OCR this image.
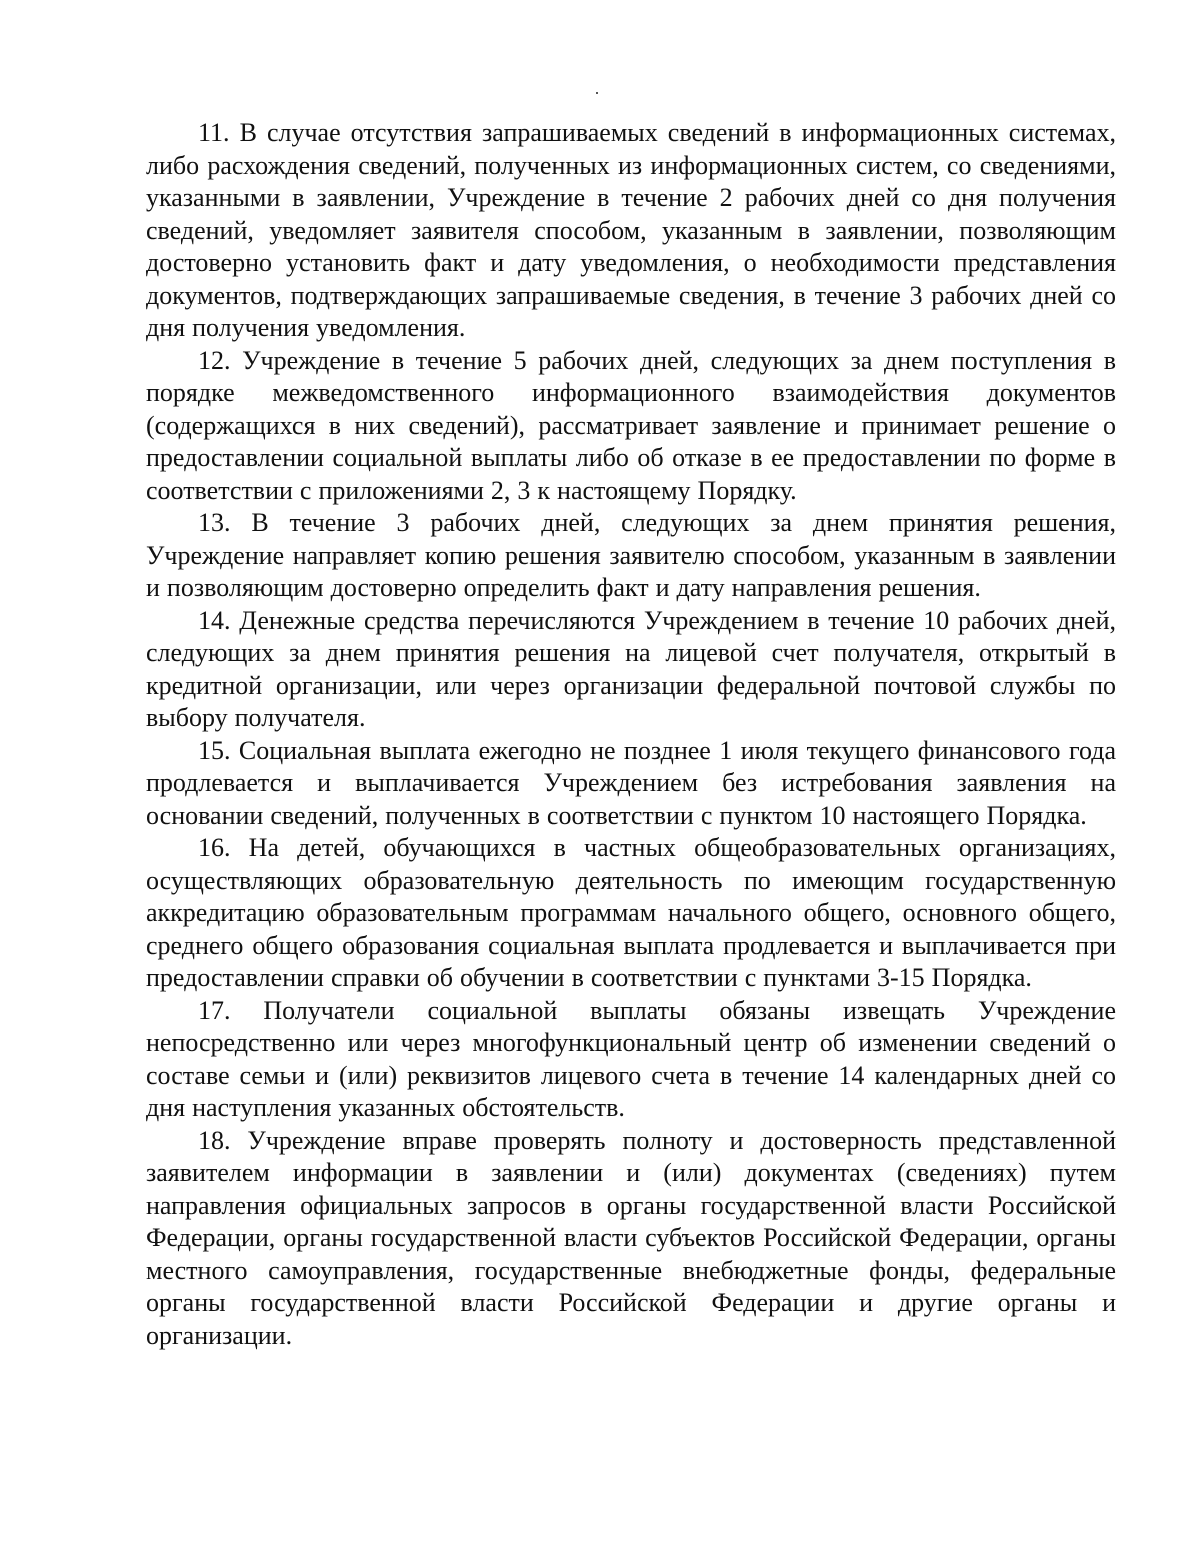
11. В случае отсутствия запрашиваемых сведений в информационных системах, либо расхождения сведений, полученных из информационных систем, со сведениями, указанными в заявлении, Учреждение в течение 2 рабочих дней со дня получения сведений, уведомляет заявителя способом, указанным в заявлении, позволяющим достоверно установить факт и дату уведомления, о необходимости представления документов, подтверждающих запрашиваемые сведения, в течение 3 рабочих дней со дня получения уведомления.

12. Учреждение в течение 5 рабочих дней, следующих за днем поступления в порядке межведомственного информационного взаимодействия документов (содержащихся в них сведений), рассматривает заявление и принимает решение о предоставлении социальной выплаты либо об отказе в ее предоставлении по форме в соответствии с приложениями 2, 3 к настоящему Порядку.

13. В течение 3 рабочих дней, следующих за днем принятия решения, Учреждение направляет копию решения заявителю способом, указанным в заявлении и позволяющим достоверно определить факт и дату направления решения.

14. Денежные средства перечисляются Учреждением в течение 10 рабочих дней, следующих за днем принятия решения на лицевой счет получателя, открытый в кредитной организации, или через организации федеральной почтовой службы по выбору получателя.

15. Социальная выплата ежегодно не позднее 1 июля текущего финансового года продлевается и выплачивается Учреждением без истребования заявления на основании сведений, полученных в соответствии с пунктом 10 настоящего Порядка.

16. На детей, обучающихся в частных общеобразовательных организациях, осуществляющих образовательную деятельность по имеющим государственную аккредитацию образовательным программам начального общего, основного общего, среднего общего образования социальная выплата продлевается и выплачивается при предоставлении справки об обучении в соответствии с пунктами 3-15 Порядка.

17. Получатели социальной выплаты обязаны извещать Учреждение непосредственно или через многофункциональный центр об изменении сведений о составе семьи и (или) реквизитов лицевого счета в течение 14 календарных дней со дня наступления указанных обстоятельств.

18. Учреждение вправе проверять полноту и достоверность представленной заявителем информации в заявлении и (или) документах (сведениях) путем направления официальных запросов в органы государственной власти Российской Федерации, органы государственной власти субъектов Российской Федерации, органы местного самоуправления, государственные внебюджетные фонды, федеральные органы государственной власти Российской Федерации и другие органы и организации.
